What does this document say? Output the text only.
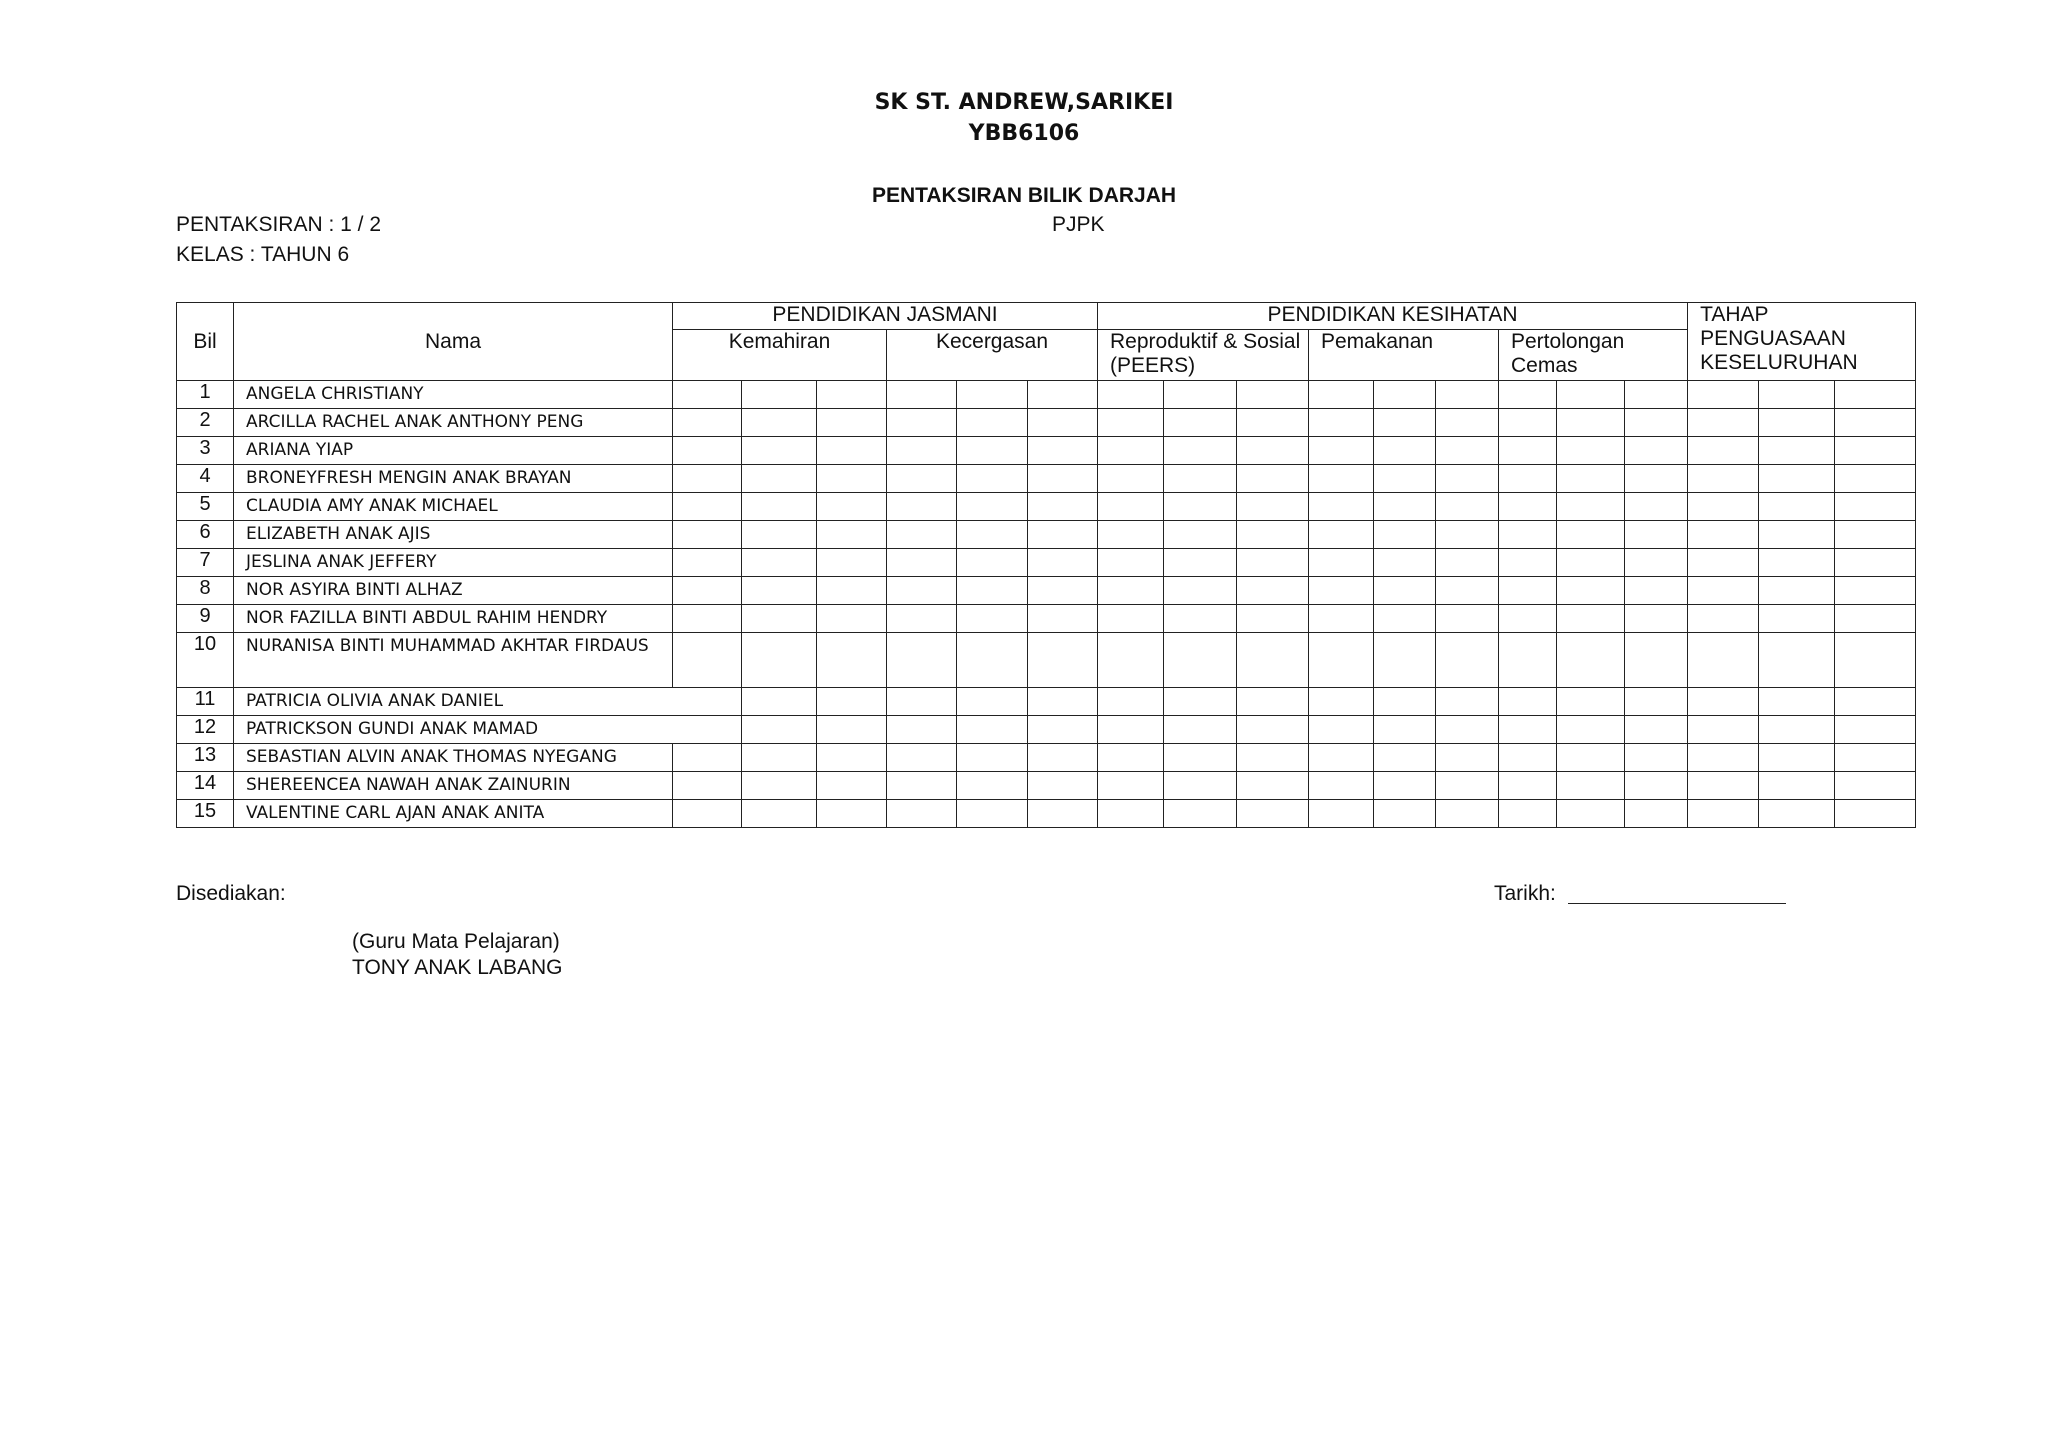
SK ST. ANDREW,SARIKEI
YBB6106
PENTAKSIRAN BILIK DARJAH
PENTAKSIRAN : 1 / 2	PJPK
KELAS : TAHUN 6
Bil	Nama	PENDIDIKAN JASMANI						PENDIDIKAN KESIHATAN									TAHAP PENGUASAAN KESELURUHAN		
		Kemahiran			Kecergasan			Reproduktif & Sosial (PEERS)			Pemakanan			Pertolongan Cemas					
1	ANGELA CHRISTIANY																		
2	ARCILLA RACHEL ANAK ANTHONY PENG																		
3	ARIANA YIAP																		
4	BRONEYFRESH MENGIN ANAK BRAYAN																		
5	CLAUDIA AMY ANAK MICHAEL																		
6	ELIZABETH ANAK AJIS																		
7	JESLINA ANAK JEFFERY																		
8	NOR ASYIRA BINTI ALHAZ																		
9	NOR FAZILLA BINTI ABDUL RAHIM HENDRY																		
10	NURANISA BINTI MUHAMMAD AKHTAR FIRDAUS																		
11	PATRICIA OLIVIA ANAK DANIEL																		
12	PATRICKSON GUNDI ANAK MAMAD																		
13	SEBASTIAN ALVIN ANAK THOMAS NYEGANG																		
14	SHEREENCEA NAWAH ANAK ZAINURIN																		
15	VALENTINE CARL AJAN ANAK ANITA																		
Disediakan:	Tarikh:
(Guru Mata Pelajaran)
TONY ANAK LABANG
